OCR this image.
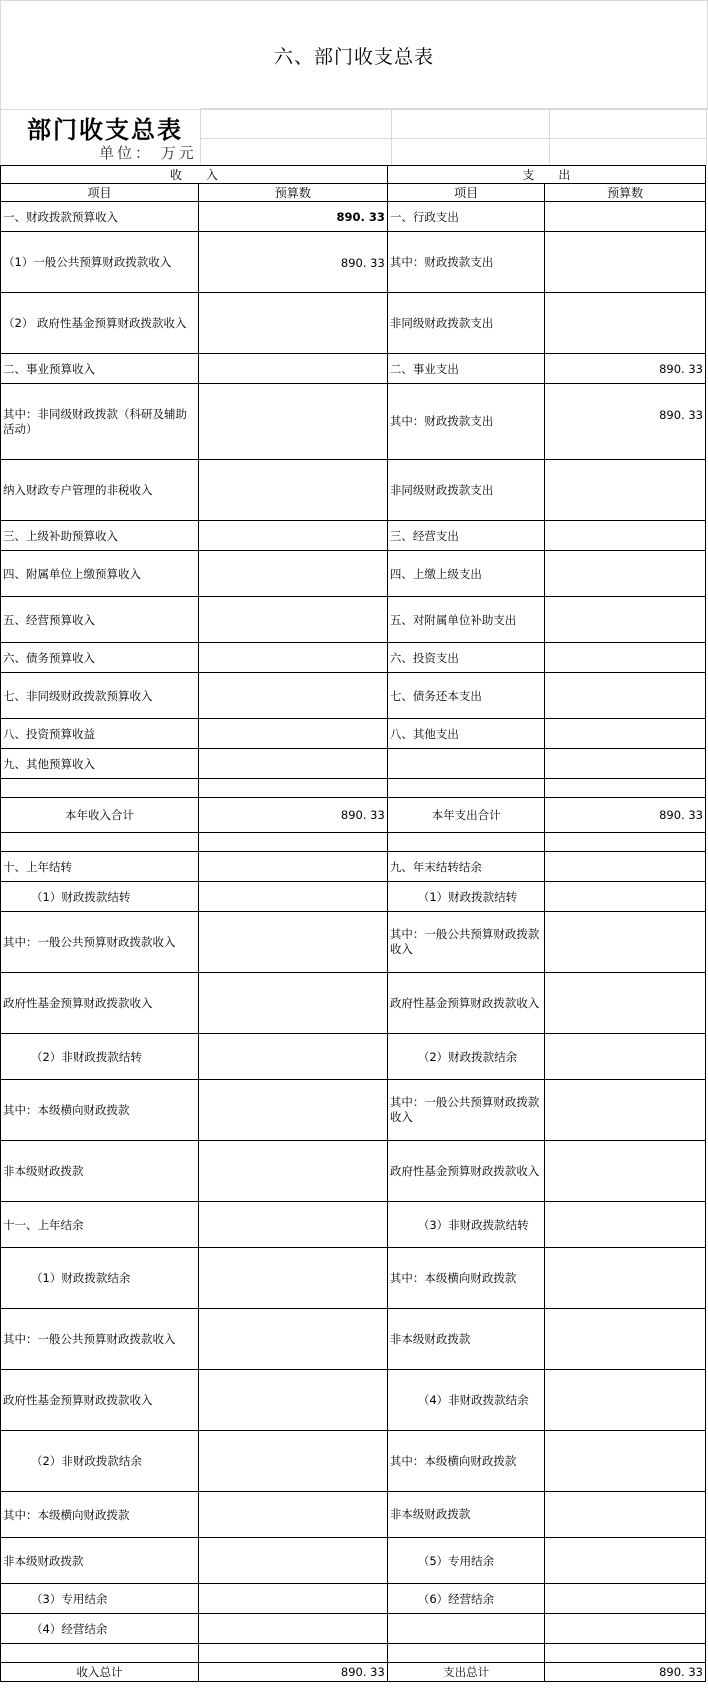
六、部门收支总表
部门收支总表
单位： 万元
收　　入		支　　出	
项目	预算数	项目	预算数
一、财政拨款预算收入	890. 33	一、行政支出	
（1）一般公共预算财政拨款收入	890. 33	其中：财政拨款支出	
（2） 政府性基金预算财政拨款收入		非同级财政拨款支出	
二、事业预算收入		二、事业支出	890. 33
其中：非同级财政拨款（科研及辅助活动）		其中：财政拨款支出	890. 33
纳入财政专户管理的非税收入		非同级财政拨款支出	
三、上级补助预算收入		三、经营支出	
四、附属单位上缴预算收入		四、上缴上级支出	
五、经营预算收入		五、对附属单位补助支出	
六、债务预算收入		六、投资支出	
七、非同级财政拨款预算收入		七、债务还本支出	
八、投资预算收益		八、其他支出	
九、其他预算收入			

本年收入合计	890. 33	本年支出合计	890. 33

十、上年结转		九、年末结转结余	
（1）财政拨款结转		（1）财政拨款结转	
其中：一般公共预算财政拨款收入		其中：一般公共预算财政拨款收入	
政府性基金预算财政拨款收入		政府性基金预算财政拨款收入	
（2）非财政拨款结转		（2）财政拨款结余	
其中：本级横向财政拨款		其中：一般公共预算财政拨款收入	
非本级财政拨款		政府性基金预算财政拨款收入	
十一、上年结余		（3）非财政拨款结转	
（1）财政拨款结余		其中：本级横向财政拨款	
其中：一般公共预算财政拨款收入		非本级财政拨款	
政府性基金预算财政拨款收入		（4）非财政拨款结余	
（2）非财政拨款结余		其中：本级横向财政拨款	
其中：本级横向财政拨款		非本级财政拨款	
非本级财政拨款		（5）专用结余	
（3）专用结余		（6）经营结余	
（4）经营结余			

收入总计	890. 33	支出总计	890. 33
